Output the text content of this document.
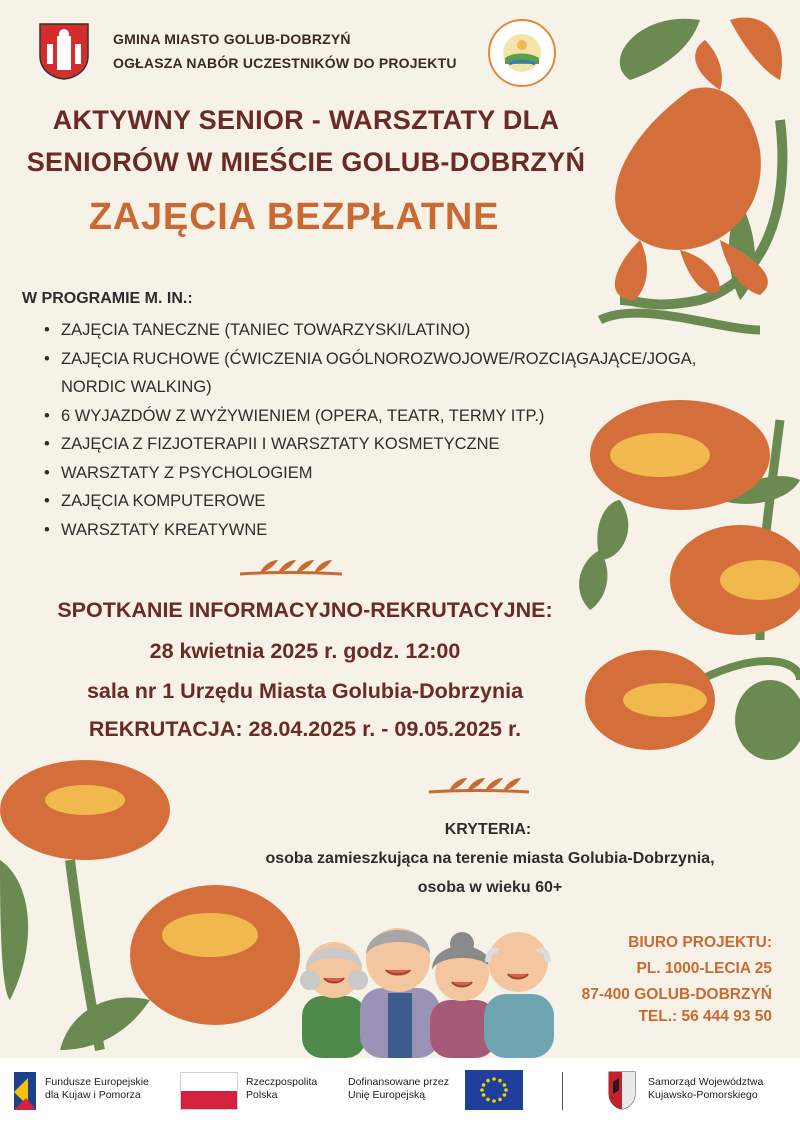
GMINA MIASTO GOLUB-DOBRZYŃ
OGŁASZA NABÓR UCZESTNIKÓW DO PROJEKTU
AKTYWNY SENIOR - WARSZTATY DLA
SENIORÓW W MIEŚCIE GOLUB-DOBRZYŃ
ZAJĘCIA BEZPŁATNE
W PROGRAMIE M. IN.:
• ZAJĘCIA TANECZNE (TANIEC TOWARZYSKI/LATINO)
• ZAJĘCIA RUCHOWE (ĆWICZENIA OGÓLNOROZWOJOWE/ROZCIĄGAJĄCE/JOGA,
NORDIC WALKING)
• 6 WYJAZDÓW Z WYŻYWIENIEM (OPERA, TEATR, TERMY ITP.)
• ZAJĘCIA Z FIZJOTERAPII I WARSZTATY KOSMETYCZNE
• WARSZTATY Z PSYCHOLOGIEM
• ZAJĘCIA KOMPUTEROWE
• WARSZTATY KREATYWNE
SPOTKANIE INFORMACYJNO-REKRUTACYJNE:
28 kwietnia 2025 r. godz. 12:00
sala nr 1 Urzędu Miasta Golubia-Dobrzynia
REKRUTACJA: 28.04.2025 r. - 09.05.2025 r.
KRYTERIA:
osoba zamieszkująca na terenie miasta Golubia-Dobrzynia,
osoba w wieku 60+
BIURO PROJEKTU:
PL. 1000-LECIA 25
87-400 GOLUB-DOBRZYŃ
TEL.: 56 444 93 50
Fundusze Europejskie
dla Kujaw i Pomorza
Rzeczpospolita
Polska
Dofinansowane przez
Unię Europejską
Samorząd Województwa
Kujawsko-Pomorskiego
